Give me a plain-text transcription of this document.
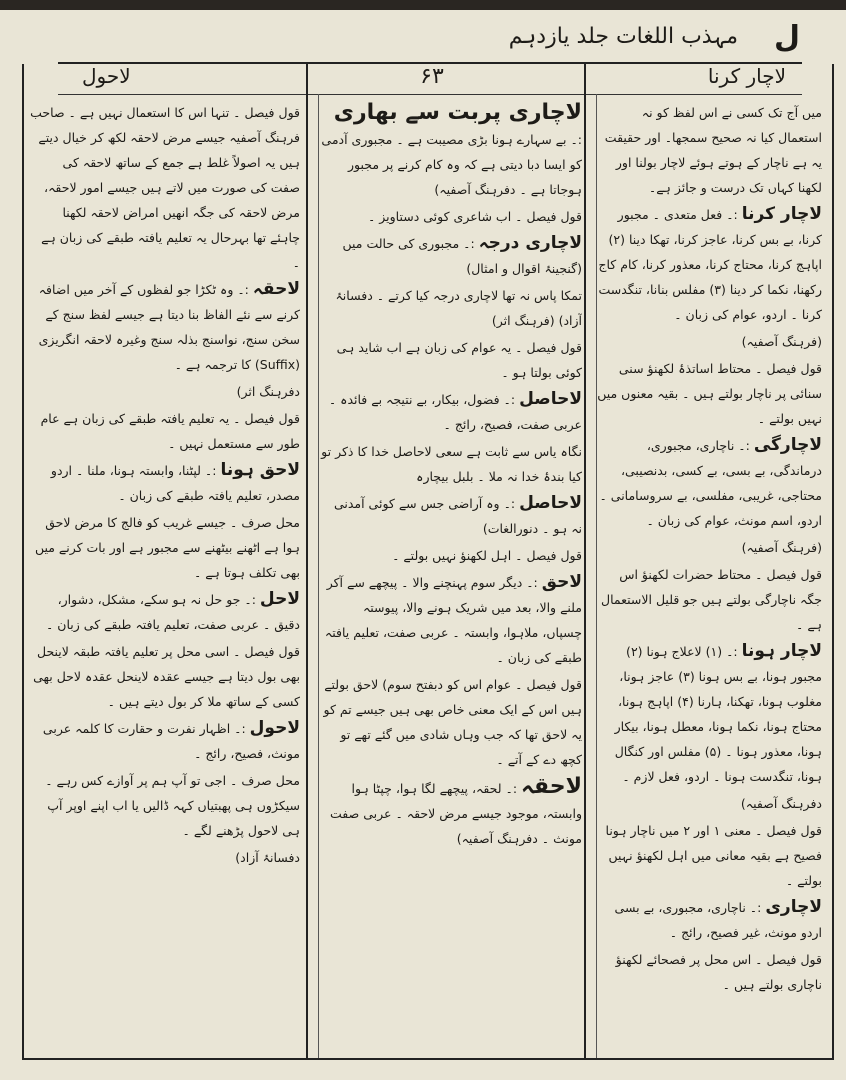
مہذب اللغات جلد یازدہم ل
لاچار کرنا
۶۳
لاحول
میں آج تک کسی نے اس لفظ کو نہ استعمال کیا نہ صحیح سمجھا۔ اور حقیقت یہ ہے ناچار کے ہوتے ہوئے لاچار بولنا اور لکھنا کہاں تک درست و جائز ہے۔
لاچار کرنا :۔ فعل متعدی ۔ مجبور کرنا، بے بس کرنا، عاجز کرنا، تھکا دینا (۲) اپاہج کرنا، محتاج کرنا، معذور کرنا، کام کاج رکھنا، نکما کر دینا (۳) مفلس بنانا، تنگدست کرنا ۔ اردو، عوام کی زبان ۔
(فرہنگ آصفیہ)
قول فیصل ۔ محتاط اساتذۂ لکھنؤ سنی سنائی پر ناچار بولتے ہیں ۔ بقیہ معنوں میں نہیں بولتے ۔
لاچارگی :۔ ناچاری، مجبوری، درماندگی، بے بسی، بے کسی، بدنصیبی، محتاجی، غریبی، مفلسی، بے سروسامانی ۔ اردو، اسم مونث، عوام کی زبان ۔
(فرہنگ آصفیہ)
قول فیصل ۔ محتاط حضرات لکھنؤ اس جگہ ناچارگی بولتے ہیں جو قلیل الاستعمال ہے ۔
لاچار ہونا :۔ (۱) لاعلاج ہونا (۲) مجبور ہونا، بے بس ہونا (۳) عاجز ہونا، مغلوب ہونا، تھکنا، ہارنا (۴) اپاہج ہونا، محتاج ہونا، نکما ہونا، معطل ہونا، بیکار ہونا، معذور ہونا ۔ (۵) مفلس اور کنگال ہونا، تنگدست ہونا ۔ اردو، فعل لازم ۔
دفرہنگ آصفیہ)
قول فیصل ۔ معنی ۱ اور ۲ میں ناچار ہونا فصیح ہے بقیہ معانی میں اہل لکھنؤ نہیں بولتے ۔
لاچاری :۔ ناچاری، مجبوری، بے بسی اردو مونث، غیر فصیح، رائج ۔
قول فیصل ۔ اس محل پر فصحائے لکھنؤ ناچاری بولتے ہیں ۔
لاچاری پربت سے بھاری :۔ بے سہارے ہونا بڑی مصیبت ہے ۔ مجبوری آدمی کو ایسا دبا دیتی ہے کہ وہ کام کرنے پر مجبور ہوجاتا ہے ۔ دفرہنگ آصفیہ)
قول فیصل ۔ اب شاعری کوئی دستاویز ۔
لاچاری درجہ :۔ مجبوری کی حالت میں (گنجینۂ اقوال و امثال)
تمکا پاس نہ تھا لاچاری درجہ کیا کرتے ۔ دفسانۂ آزاد) (فرہنگ اثر)
قول فیصل ۔ یہ عوام کی زبان ہے اب شاید ہی کوئی بولتا ہو ۔
لاحاصل :۔ فضول، بیکار، بے نتیجہ بے فائدہ ۔ عربی صفت، فصیح، رائج ۔
نگاہ یاس سے ثابت ہے سعی لاحاصل خدا کا ذکر تو کیا بندۂ خدا نہ ملا ۔ بلبل بیچارہ
لاحاصل :۔ وہ آراضی جس سے کوئی آمدنی نہ ہو ۔ دنورالغات)
قول فیصل ۔ اہل لکھنؤ نہیں بولتے ۔
لاحق :۔ دیگر سوم پہنچنے والا ۔ پیچھے سے آکر ملنے والا، بعد میں شریک ہونے والا، پیوستہ چسپاں، ملاہوا، وابستہ ۔ عربی صفت، تعلیم یافتہ طبقے کی زبان ۔
قول فیصل ۔ عوام اس کو دبفتح سوم) لاحق بولتے ہیں اس کے ایک معنی خاص بھی ہیں جیسے تم کو یہ لاحق تھا کہ جب وہاں شادی میں گئے تھے تو کچھ دے کے آتے ۔
لاحقہ :۔ لحقہ، پیچھے لگا ہوا، چپٹا ہوا وابستہ، موجود جیسے مرض لاحقہ ۔ عربی صفت مونث ۔ دفرہنگ آصفیہ)
قول فیصل ۔ تنہا اس کا استعمال نہیں ہے ۔ صاحب فرہنگ آصفیہ جیسے مرض لاحقہ لکھ کر خیال دیتے ہیں یہ اصولاً غلط ہے جمع کے ساتھ لاحقہ کی صفت کی صورت میں لاتے ہیں جیسے امور لاحقہ، مرض لاحقہ کی جگہ انھیں امراض لاحقہ لکھنا چاہئے تھا بہرحال یہ تعلیم یافتہ طبقے کی زبان ہے ۔
لاحقہ :۔ وہ ٹکڑا جو لفظوں کے آخر میں اضافہ کرنے سے نئے الفاظ بنا دیتا ہے جیسے لفظ سنج کے سخن سنج، نواسنج بذلہ سنج وغیرہ لاحقہ انگریزی (Suffix) کا ترجمہ ہے ۔
دفرہنگ اثر)
قول فیصل ۔ یہ تعلیم یافتہ طبقے کی زبان ہے عام طور سے مستعمل نہیں ۔
لاحق ہونا :۔ لپٹنا، وابستہ ہونا، ملنا ۔ اردو مصدر، تعلیم یافتہ طبقے کی زبان ۔
محل صرف ۔ جیسے غریب کو فالج کا مرض لاحق ہوا ہے اٹھنے بیٹھنے سے مجبور ہے اور بات کرنے میں بھی تکلف ہوتا ہے ۔
لاحل :۔ جو حل نہ ہو سکے، مشکل، دشوار، دقیق ۔ عربی صفت، تعلیم یافتہ طبقے کی زبان ۔
قول فیصل ۔ اسی محل پر تعلیم یافتہ طبقہ لاینحل بھی بول دیتا ہے جیسے عقدہ لاینحل عقدہ لاحل بھی کسی کے ساتھ ملا کر بول دیتے ہیں ۔
لاحول :۔ اظہار نفرت و حقارت کا کلمہ عربی مونث، فصیح، رائج ۔
محل صرف ۔ اجی تو آپ ہم پر آوازے کس رہے ۔ سیکڑوں ہی پھبتیاں کہہ ڈالیں یا اب اپنے اوپر آپ ہی لاحول پڑھنے لگے ۔
دفسانۂ آزاد)
